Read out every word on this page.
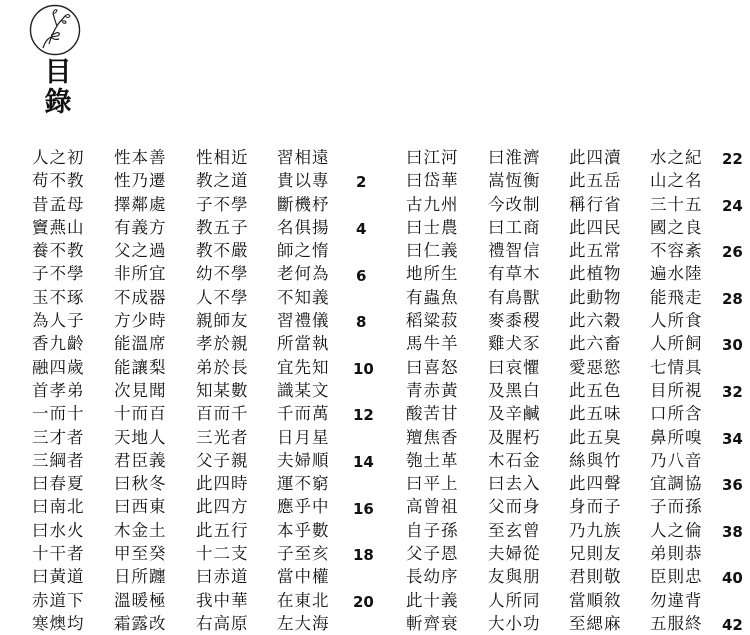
目
錄
人之初
苟不教
昔孟母
竇燕山
養不教
子不學
玉不琢
為人子
香九齡
融四歲
首孝弟
一而十
三才者
三綱者
曰春夏
曰南北
曰水火
十干者
曰黃道
赤道下
寒燠均
性本善
性乃遷
擇鄰處
有義方
父之過
非所宜
不成器
方少時
能溫席
能讓梨
次見聞
十而百
天地人
君臣義
曰秋冬
曰西東
木金土
甲至癸
日所躔
溫暖極
霜露改
性相近
教之道
子不學
教五子
教不嚴
幼不學
人不學
親師友
孝於親
弟於長
知某數
百而千
三光者
父子親
此四時
此四方
此五行
十二支
曰赤道
我中華
右高原
習相遠
貴以專
斷機杼
名俱揚
師之惰
老何為
不知義
習禮儀
所當執
宜先知
識某文
千而萬
日月星
夫婦順
運不窮
應乎中
本乎數
子至亥
當中權
在東北
左大海
2
4
6
8
10
12
14
16
18
20
曰江河
曰岱華
古九州
曰士農
曰仁義
地所生
有蟲魚
稻粱菽
馬牛羊
曰喜怒
青赤黃
酸苦甘
羶焦香
匏土革
曰平上
高曾祖
自子孫
父子恩
長幼序
此十義
斬齊衰
曰淮濟
嵩恆衡
今改制
曰工商
禮智信
有草木
有鳥獸
麥黍稷
雞犬豕
曰哀懼
及黑白
及辛鹹
及腥朽
木石金
曰去入
父而身
至玄曾
夫婦從
友與朋
人所同
大小功
此四瀆
此五岳
稱行省
此四民
此五常
此植物
此動物
此六穀
此六畜
愛惡慾
此五色
此五味
此五臭
絲與竹
此四聲
身而子
乃九族
兄則友
君則敬
當順敘
至緦麻
水之紀
山之名
三十五
國之良
不容紊
遍水陸
能飛走
人所食
人所飼
七情具
目所視
口所含
鼻所嗅
乃八音
宜調協
子而孫
人之倫
弟則恭
臣則忠
勿違背
五服終
22
24
26
28
30
32
34
36
38
40
42
